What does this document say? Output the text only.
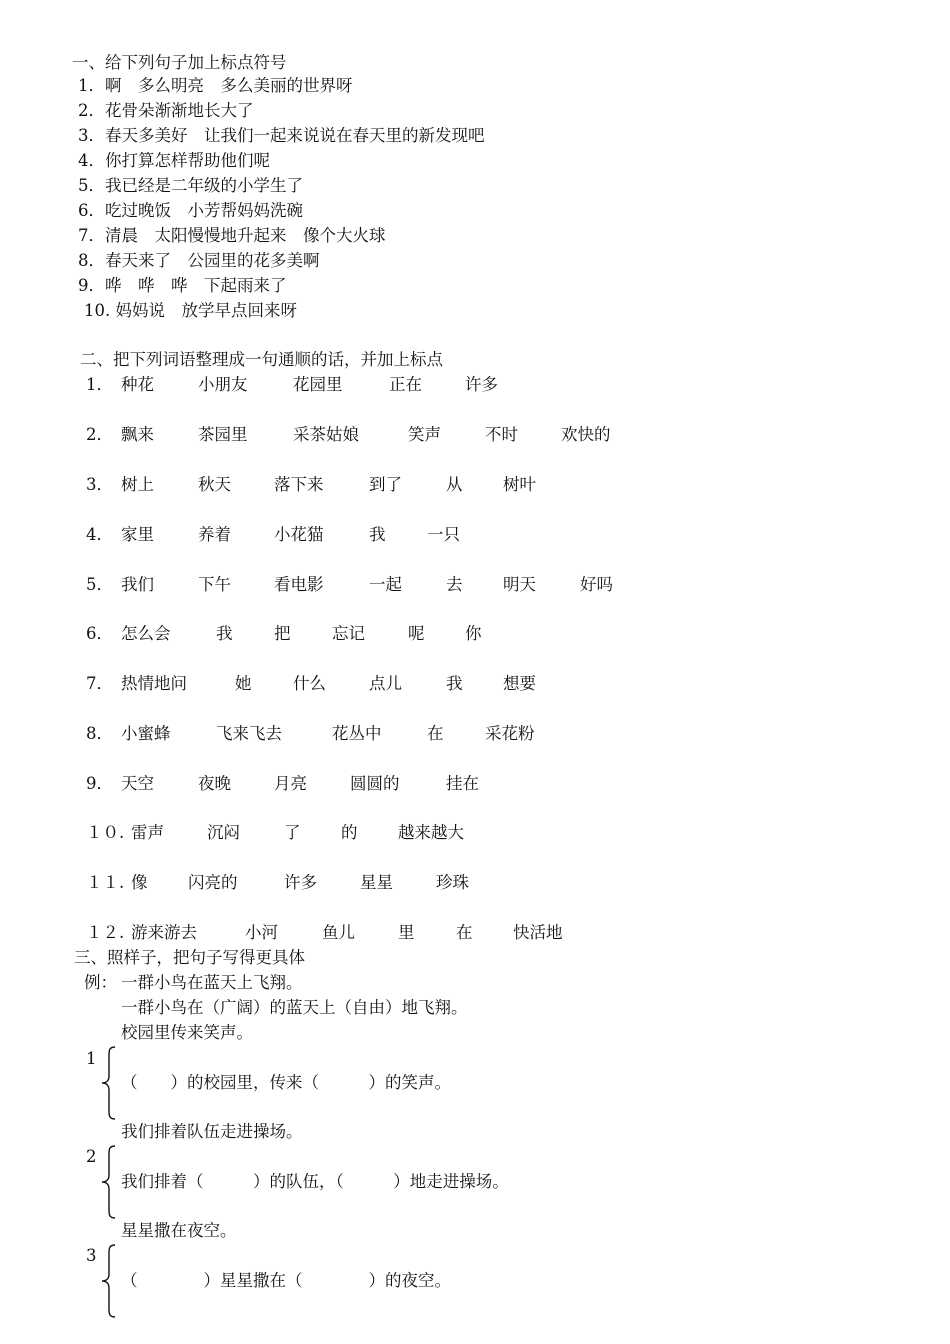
一、给下列句子加上标点符号
1．啊　多么明亮　多么美丽的世界呀
2．花骨朵渐渐地长大了
3．春天多美好　让我们一起来说说在春天里的新发现吧
4．你打算怎样帮助他们呢
5．我已经是二年级的小学生了
6．吃过晚饭　小芳帮妈妈洗碗
7．清晨　太阳慢慢地升起来　像个大火球
8．春天来了　公园里的花多美啊
9．哗　哗　哗　下起雨来了
10. 妈妈说　放学早点回来呀
二、把下列词语整理成一句通顺的话，并加上标点
1． 种花	小朋友	花园里	正在	许多
2． 飘来	茶园里	采茶姑娘	笑声	不时	欢快的
3． 树上	秋天	落下来	到了	从 树叶
4． 家里	养着	小花猫	我	一只
5． 我们	下午	看电影	一起	去 明天	好吗
6． 怎么会	我	把	忘记	呢 你
7． 热情地问	她	什么	点儿	我 想要
8． 小蜜蜂	飞来飞去	花丛中	在	采花粉
9． 天空	夜晚	月亮	圆圆的	挂在
１０. 雷声	沉闷	了 的 越来越大
１１. 像 闪亮的	许多	星星	珍珠
１２. 游来游去	小河	鱼儿	里	在 快活地
三、照样子，把句子写得更具体
例： 一群小鸟在蓝天上飞翔。
一群小鸟在（广阔）的蓝天上（自由）地飞翔。
校园里传来笑声。
1
（　　）的校园里，传来（　　　）的笑声。
我们排着队伍走进操场。
2
我们排着（　　　）的队伍，（　　　）地走进操场。
星星撒在夜空。
3
（　　　　）星星撒在（　　　　）的夜空。
